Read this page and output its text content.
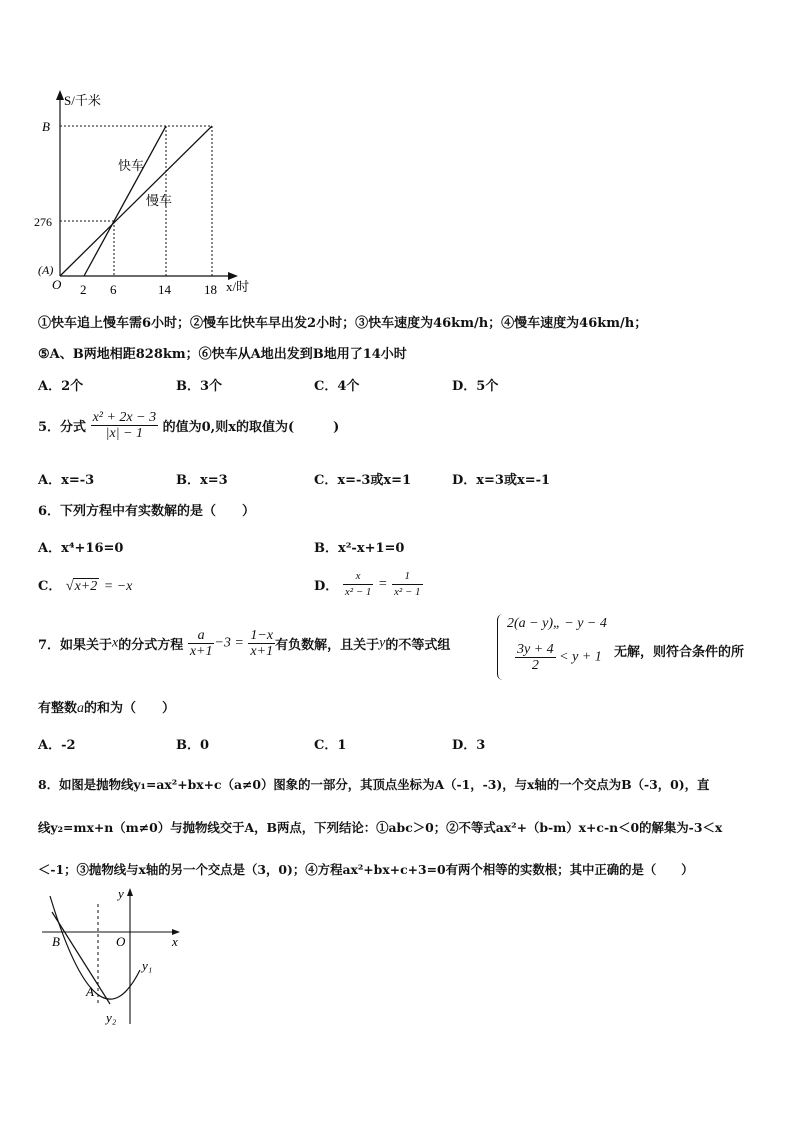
S/千米
B
276
(A)
O 2 6	14	18 x/时
快车
慢车
①快车追上慢车需6小时；②慢车比快车早出发2小时；③快车速度为46km/h；④慢车速度为46km/h；
⑤A、B两地相距828km；⑥快车从A地出发到B地用了14小时
A．2个	B．3个	C．4个	D．5个
5．分式 $\frac{\text{x² + 2x − 3}}{|x| - 1}$ 的值为0,则x的取值为(　　　)
A．x=-3	B．x=3	C．x=-3或x=1	D．x=3或x=-1
6．下列方程中有实数解的是（　　）
A．x⁴+16=0	B．x²-x+1=0
C． √x+2 = −x	D． $\frac{x}{\text{x² − 1}} = \frac{1}{\text{x² − 1}}$
7．如果关于x的分式方程 $\frac{a}{x+1} -3 = \frac{1-x}{x+1}$ 有负数解，且关于y的不等式组
2(a − y)„ − y − 4
$\frac{3y + 4}{2} < y + 1$ 无解，则符合条件的所
有整数a的和为（　　）
A．-2	B．0	C．1	D．3
8．如图是抛物线y₁=ax²+bx+c（a≠0）图象的一部分，其顶点坐标为A（-1，-3)，与x轴的一个交点为B（-3，0)，直
线y₂=mx+n（m≠0）与抛物线交于A，B两点，下列结论：①abc＞0；②不等式ax²+（b-m）x+c-n＜0的解集为-3＜x
＜-1；③抛物线与x轴的另一个交点是（3，0)；④方程ax²+bx+c+3=0有两个相等的实数根；其中正确的是（　　）
y
x
O
B
A
y₁
y₂
